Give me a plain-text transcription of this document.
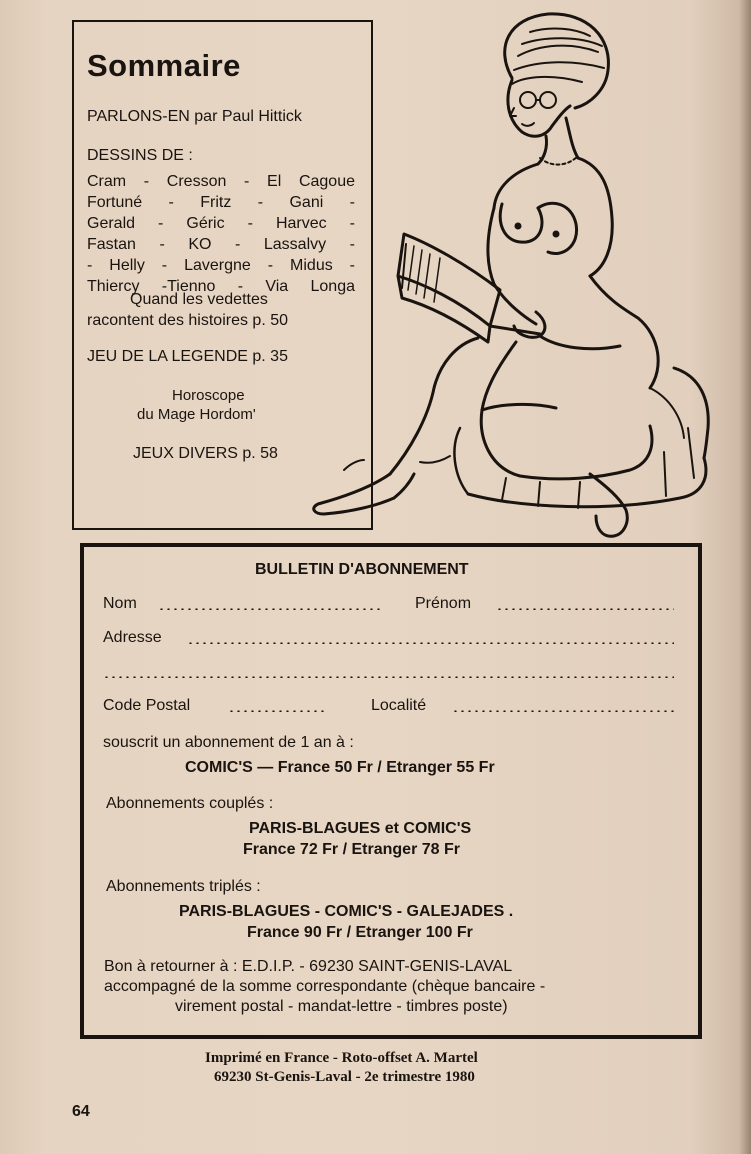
Sommaire
PARLONS-EN par Paul Hittick
DESSINS DE :
Cram - Cresson - El Cagoue
Fortuné - Fritz - Gani -
Gerald - Géric - Harvec -
Fastan - KO - Lassalvy -
- Helly - Lavergne - Midus -
Thiercy -Tienno - Via Longa
Quand les vedettes
racontent des histoires p. 50
JEU DE LA LEGENDE p. 35
Horoscope
du Mage Hordom'
JEUX DIVERS p. 58
BULLETIN D'ABONNEMENT
Nom	Prénom
Adresse
Code Postal	Localité
souscrit un abonnement de 1 an à :
COMIC'S — France 50 Fr / Etranger 55 Fr
Abonnements couplés :
PARIS-BLAGUES et COMIC'S
France 72 Fr / Etranger 78 Fr
Abonnements triplés :
PARIS-BLAGUES - COMIC'S - GALEJADES .
France 90 Fr / Etranger 100 Fr
Bon à retourner à : E.D.I.P. - 69230 SAINT-GENIS-LAVAL
accompagné de la somme correspondante (chèque bancaire -
virement postal - mandat-lettre - timbres poste)
Imprimé en France - Roto-offset A. Martel
69230 St-Genis-Laval - 2e trimestre 1980
64
